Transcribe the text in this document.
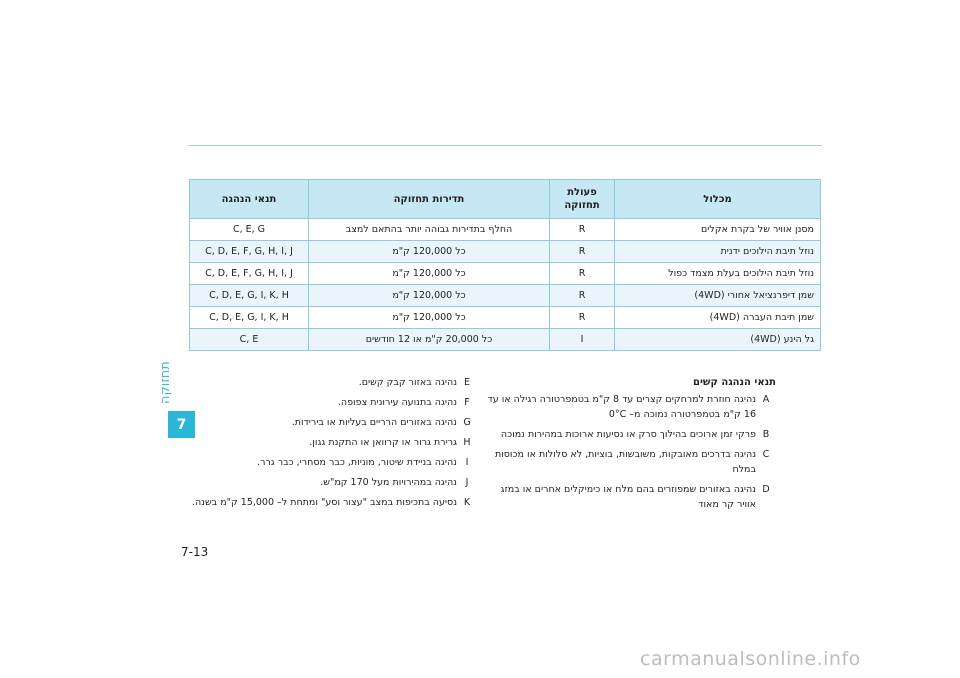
תחזוקה
7
מכלול	פעולת תחזוקה	תדירות תחזוקה	תנאי הנהגה
מסנן אוויר של בקרת אקלים	R	החלף בתדירות גבוהה יותר בהתאם למצב	C, E, G
נוזל תיבת הילוכים ידנית	R	כל 120,000 ק"מ	C, D, E, F, G, H, I, J
נוזל תיבת הילוכים בעלת מצמד כפול	R	כל 120,000 ק"מ	C, D, E, F, G, H, I, J
שמן דיפרנציאל אחורי (4WD)	R	כל 120,000 ק"מ	C, D, E, G, I, K, H
שמן תיבת העברה (4WD)	R	כל 120,000 ק"מ	C, D, E, G, I, K, H
גל הינע (4WD)	I	כל 20,000 ק"מ או 12 חודשים	C, E
תנאי הנהגה קשים
A
נהיגה חוזרת למרחקים קצרים עד 8 ק"מ בטמפרטורה רגילה או עד 16 ק"מ בטמפרטורה נמוכה מ– 0°C
B
פרקי זמן ארוכים בהילוך סרק או נסיעות ארוכות במהירות נמוכה
C
נהיגה בדרכים מאובקות, משובשות, בוציות, לא סלולות או מכוסות במלח
D
נהיגה באזורים שמפוזרים בהם מלח או כימיקלים אחרים או במזג אוויר קר מאוד
E
נהיגה באזור קבק קשים.
F
נהיגה בתנועה עירונית צפופה.
G
נהיגה באזורים הרריים בעליות או בירידות.
H
גרירת גרור או קרוואן או התקנת גגון.
I
נהיגה בניידת שיטור, מוניות, כבר מסחרי, כבר גרר.
J
נהיגה במהירויות מעל 170 קמ"ש.
K
נסיעה בתכיפות במצב "עצור וסע" ומתחת ל– 15,000 ק"מ בשנה.
7-13
carmanualsonline.info
